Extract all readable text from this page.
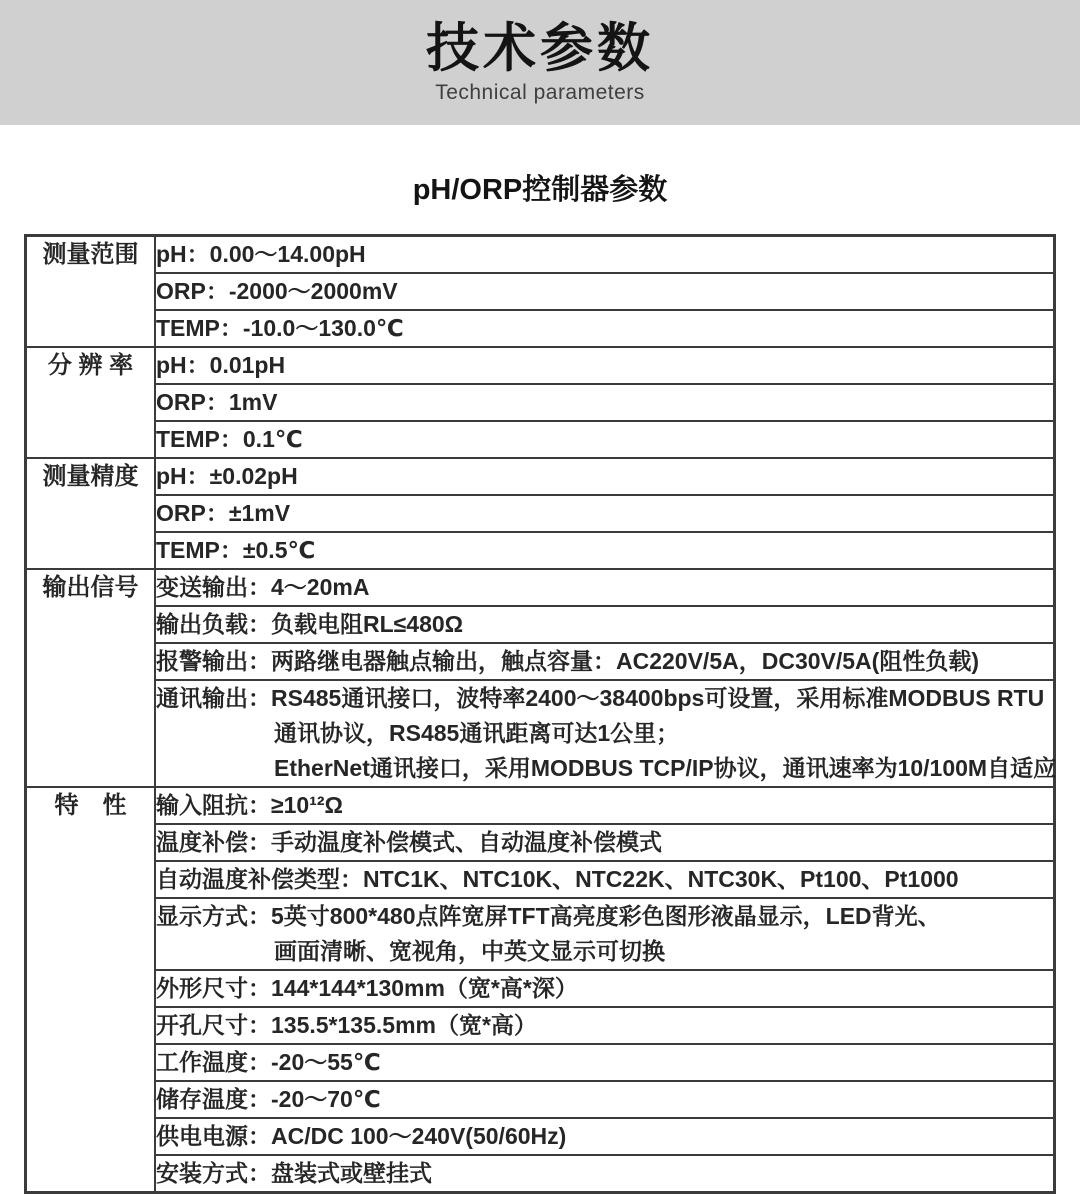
技术参数
Technical parameters
pH/ORP控制器参数
测量范围	pH：0.00～14.00pH

	ORP：-2000～2000mV

	TEMP：-10.0～130.0℃

分 辨 率	pH：0.01pH

	ORP：1mV

	TEMP：0.1℃

测量精度	pH：±0.02pH

	ORP：±1mV

	TEMP：±0.5℃

输出信号	变送输出：4～20mA

	输出负载：负载电阻RL≤480Ω

	报警输出：两路继电器触点输出，触点容量：AC220V/5A，DC30V/5A(阻性负载)

	通讯输出：RS485通讯接口，波特率2400～38400bps可设置，采用标准MODBUS RTU
通讯协议，RS485通讯距离可达1公里；
EtherNet通讯接口，采用MODBUS TCP/IP协议，通讯速率为10/100M自适应

特　性	输入阻抗：≥10¹²Ω

	温度补偿：手动温度补偿模式、自动温度补偿模式

	自动温度补偿类型：NTC1K、NTC10K、NTC22K、NTC30K、Pt100、Pt1000

	显示方式：5英寸800*480点阵宽屏TFT高亮度彩色图形液晶显示，LED背光、
画面清晰、宽视角，中英文显示可切换

	外形尺寸：144*144*130mm（宽*高*深）

	开孔尺寸：135.5*135.5mm（宽*高）

	工作温度：-20～55℃

	储存温度：-20～70℃

	供电电源：AC/DC 100～240V(50/60Hz)

	安装方式：盘装式或壁挂式
